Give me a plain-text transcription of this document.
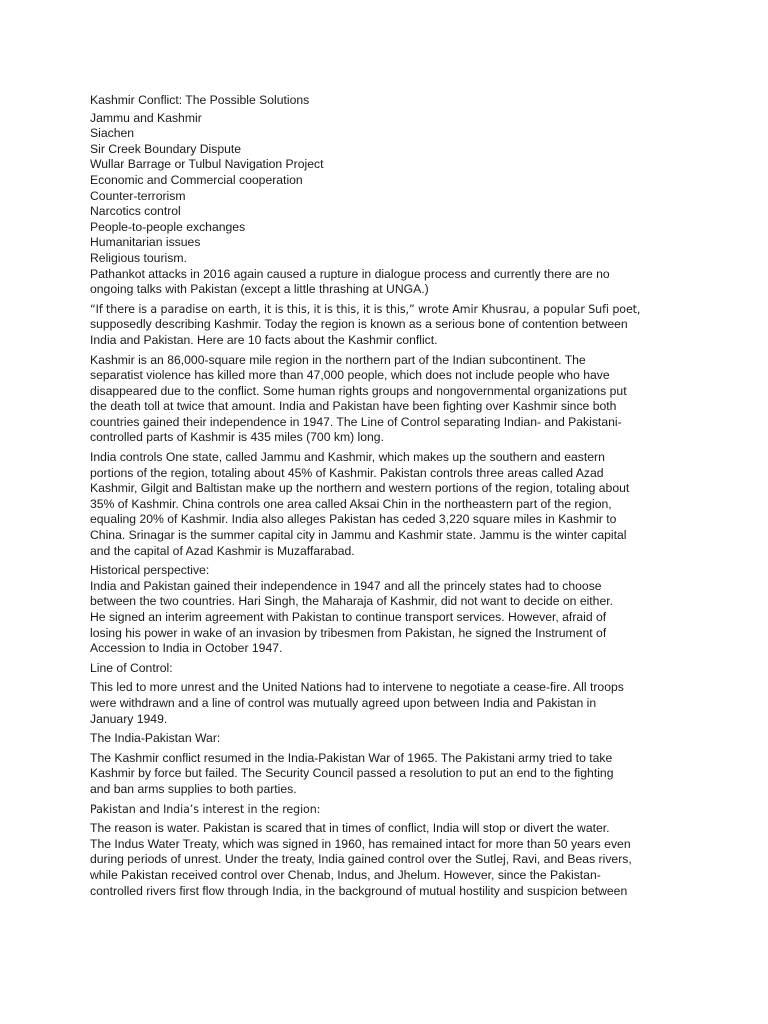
Kashmir Conflict: The Possible Solutions

Jammu and Kashmir

Siachen

Sir Creek Boundary Dispute

Wullar Barrage or Tulbul Navigation Project

Economic and Commercial cooperation

Counter-terrorism

Narcotics control

People-to-people exchanges

Humanitarian issues

Religious tourism.

Pathankot attacks in 2016 again caused a rupture in dialogue process and currently there are no

ongoing talks with Pakistan (except a little thrashing at UNGA.)

“If there is a paradise on earth, it is this, it is this, it is this,” wrote Amir Khusrau, a popular Sufi poet,

supposedly describing Kashmir. Today the region is known as a serious bone of contention between

India and Pakistan. Here are 10 facts about the Kashmir conflict.

Kashmir is an 86,000-square mile region in the northern part of the Indian subcontinent. The

separatist violence has killed more than 47,000 people, which does not include people who have

disappeared due to the conflict. Some human rights groups and nongovernmental organizations put

the death toll at twice that amount. India and Pakistan have been fighting over Kashmir since both

countries gained their independence in 1947. The Line of Control separating Indian- and Pakistani-

controlled parts of Kashmir is 435 miles (700 km) long.

India controls One state, called Jammu and Kashmir, which makes up the southern and eastern

portions of the region, totaling about 45% of Kashmir. Pakistan controls three areas called Azad

Kashmir, Gilgit and Baltistan make up the northern and western portions of the region, totaling about

35% of Kashmir. China controls one area called Aksai Chin in the northeastern part of the region,

equaling 20% of Kashmir. India also alleges Pakistan has ceded 3,220 square miles in Kashmir to

China. Srinagar is the summer capital city in Jammu and Kashmir state. Jammu is the winter capital

and the capital of Azad Kashmir is Muzaffarabad.

Historical perspective:

India and Pakistan gained their independence in 1947 and all the princely states had to choose

between the two countries. Hari Singh, the Maharaja of Kashmir, did not want to decide on either.

He signed an interim agreement with Pakistan to continue transport services. However, afraid of

losing his power in wake of an invasion by tribesmen from Pakistan, he signed the Instrument of

Accession to India in October 1947.

Line of Control:

This led to more unrest and the United Nations had to intervene to negotiate a cease-fire. All troops

were withdrawn and a line of control was mutually agreed upon between India and Pakistan in

January 1949.

The India-Pakistan War:

The Kashmir conflict resumed in the India-Pakistan War of 1965. The Pakistani army tried to take

Kashmir by force but failed. The Security Council passed a resolution to put an end to the fighting

and ban arms supplies to both parties.

Pakistan and India’s interest in the region:

The reason is water. Pakistan is scared that in times of conflict, India will stop or divert the water.

The Indus Water Treaty, which was signed in 1960, has remained intact for more than 50 years even

during periods of unrest. Under the treaty, India gained control over the Sutlej, Ravi, and Beas rivers,

while Pakistan received control over Chenab, Indus, and Jhelum. However, since the Pakistan-

controlled rivers first flow through India, in the background of mutual hostility and suspicion between
